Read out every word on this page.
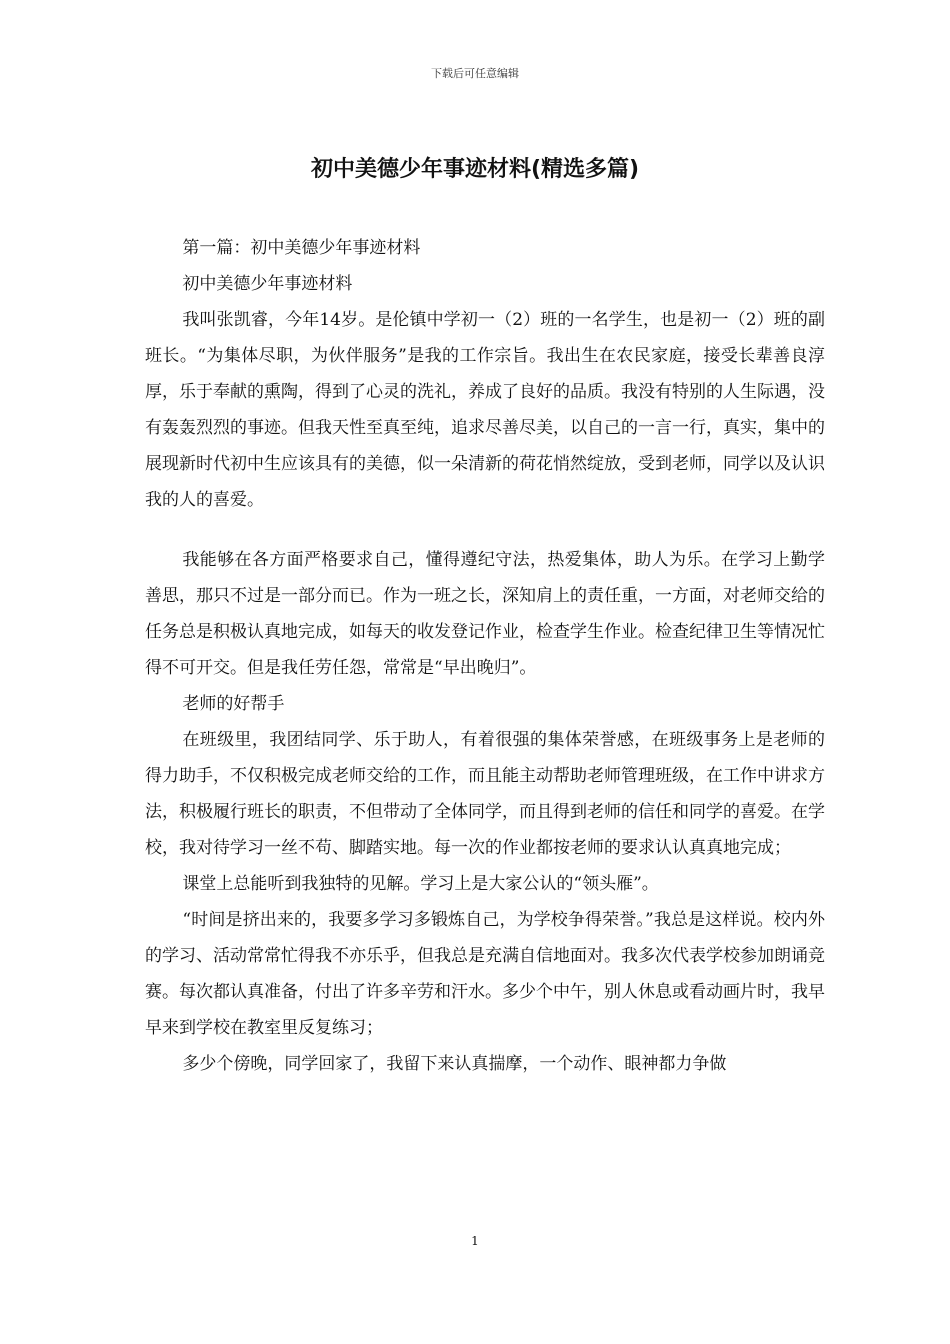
下载后可任意编辑
初中美德少年事迹材料(精选多篇)

第一篇：初中美德少年事迹材料

初中美德少年事迹材料

我叫张凯睿，今年14岁。是伦镇中学初一（2）班的一名学生，也是初一（2）班的副班长。“为集体尽职，为伙伴服务”是我的工作宗旨。我出生在农民家庭，接受长辈善良淳厚，乐于奉献的熏陶，得到了心灵的洗礼，养成了良好的品质。我没有特别的人生际遇，没有轰轰烈烈的事迹。但我天性至真至纯，追求尽善尽美，以自己的一言一行，真实，集中的展现新时代初中生应该具有的美德，似一朵清新的荷花悄然绽放，受到老师，同学以及认识我的人的喜爱。

我能够在各方面严格要求自己，懂得遵纪守法，热爱集体，助人为乐。在学习上勤学善思，那只不过是一部分而已。作为一班之长，深知肩上的责任重，一方面，对老师交给的任务总是积极认真地完成，如每天的收发登记作业，检查学生作业。检查纪律卫生等情况忙得不可开交。但是我任劳任怨，常常是“早出晚归”。

老师的好帮手

在班级里，我团结同学、乐于助人，有着很强的集体荣誉感，在班级事务上是老师的得力助手，不仅积极完成老师交给的工作，而且能主动帮助老师管理班级，在工作中讲求方法，积极履行班长的职责，不但带动了全体同学，而且得到老师的信任和同学的喜爱。在学校，我对待学习一丝不苟、脚踏实地。每一次的作业都按老师的要求认认真真地完成；

课堂上总能听到我独特的见解。学习上是大家公认的“领头雁”。

“时间是挤出来的，我要多学习多锻炼自己，为学校争得荣誉。”我总是这样说。校内外的学习、活动常常忙得我不亦乐乎，但我总是充满自信地面对。我多次代表学校参加朗诵竞赛。每次都认真准备，付出了许多辛劳和汗水。多少个中午，别人休息或看动画片时，我早早来到学校在教室里反复练习；

多少个傍晚，同学回家了，我留下来认真揣摩，一个动作、眼神都力争做

1
